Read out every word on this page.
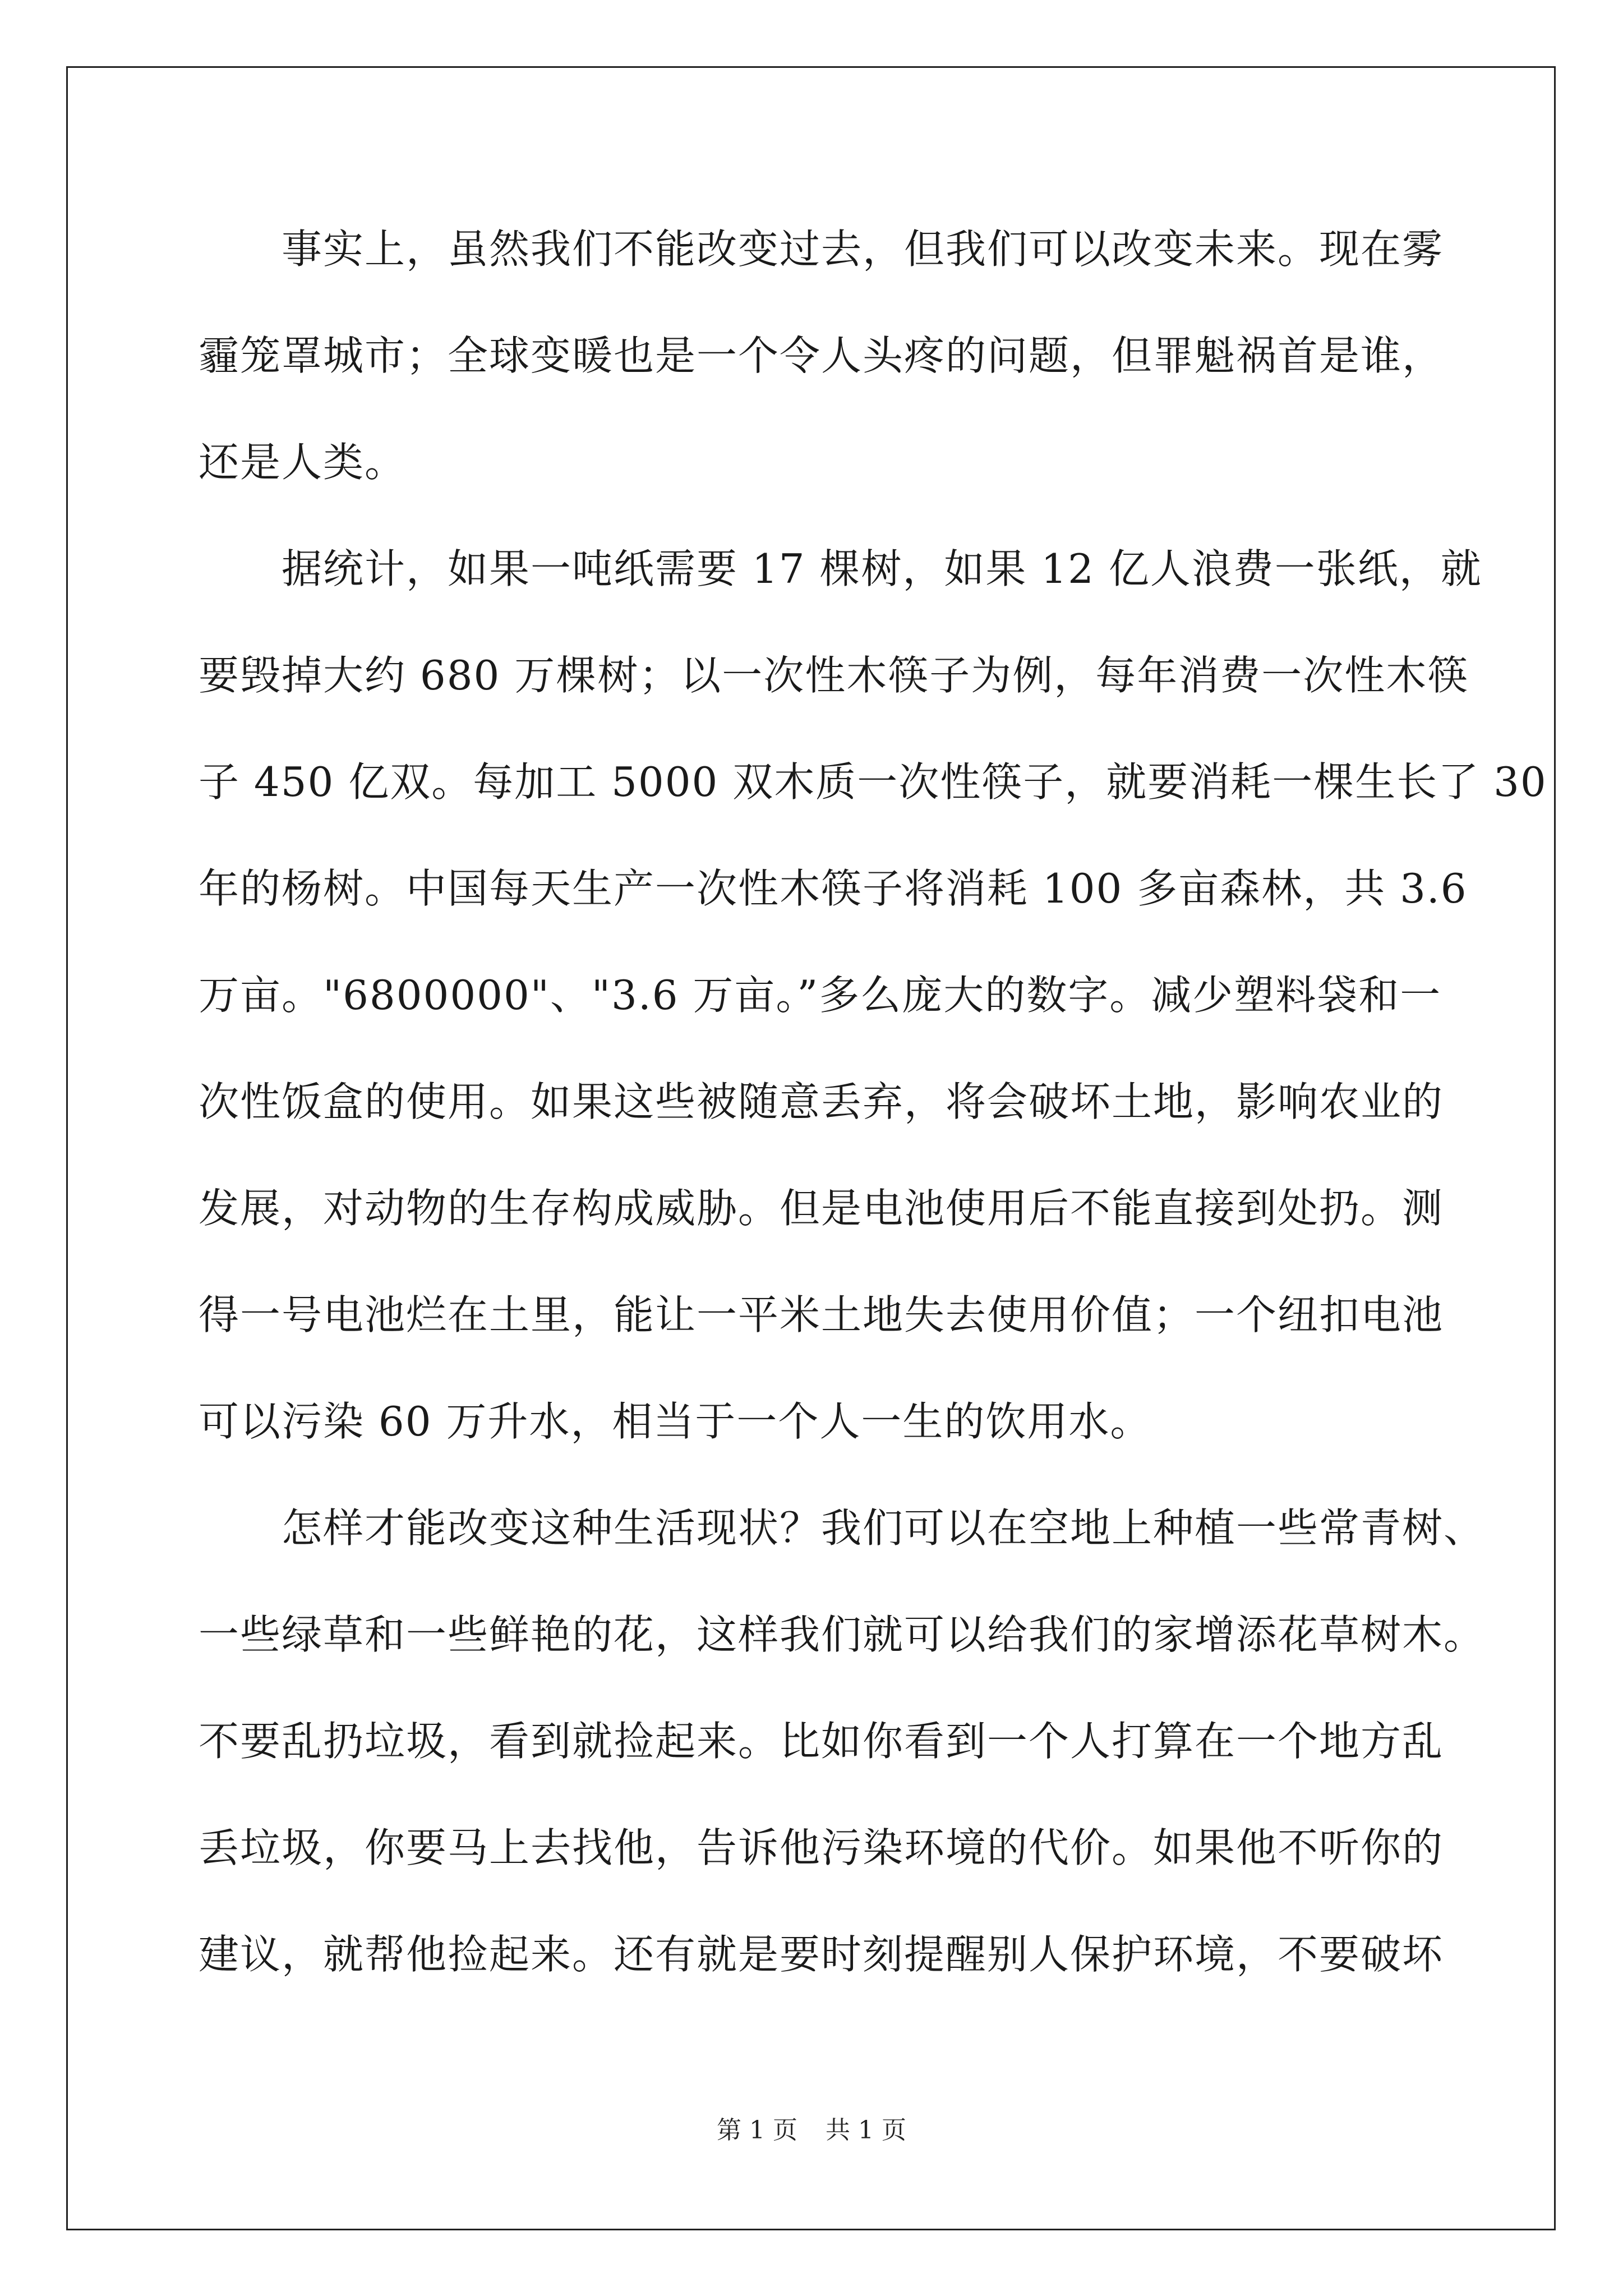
事实上，虽然我们不能改变过去，但我们可以改变未来。现在雾
霾笼罩城市；全球变暖也是一个令人头疼的问题，但罪魁祸首是谁，
还是人类。
据统计，如果一吨纸需要 17 棵树，如果 12 亿人浪费一张纸，就
要毁掉大约 680 万棵树；以一次性木筷子为例，每年消费一次性木筷
子 450 亿双。每加工 5000 双木质一次性筷子，就要消耗一棵生长了 30
年的杨树。中国每天生产一次性木筷子将消耗 100 多亩森林，共 3.6
万亩。"6800000"、"3.6 万亩。”多么庞大的数字。减少塑料袋和一
次性饭盒的使用。如果这些被随意丢弃，将会破坏土地，影响农业的
发展，对动物的生存构成威胁。但是电池使用后不能直接到处扔。测
得一号电池烂在土里，能让一平米土地失去使用价值；一个纽扣电池
可以污染 60 万升水，相当于一个人一生的饮用水。
怎样才能改变这种生活现状？我们可以在空地上种植一些常青树、
一些绿草和一些鲜艳的花，这样我们就可以给我们的家增添花草树木。
不要乱扔垃圾，看到就捡起来。比如你看到一个人打算在一个地方乱
丢垃圾，你要马上去找他，告诉他污染环境的代价。如果他不听你的
建议，就帮他捡起来。还有就是要时刻提醒别人保护环境，不要破坏
第 1 页 共 1 页
